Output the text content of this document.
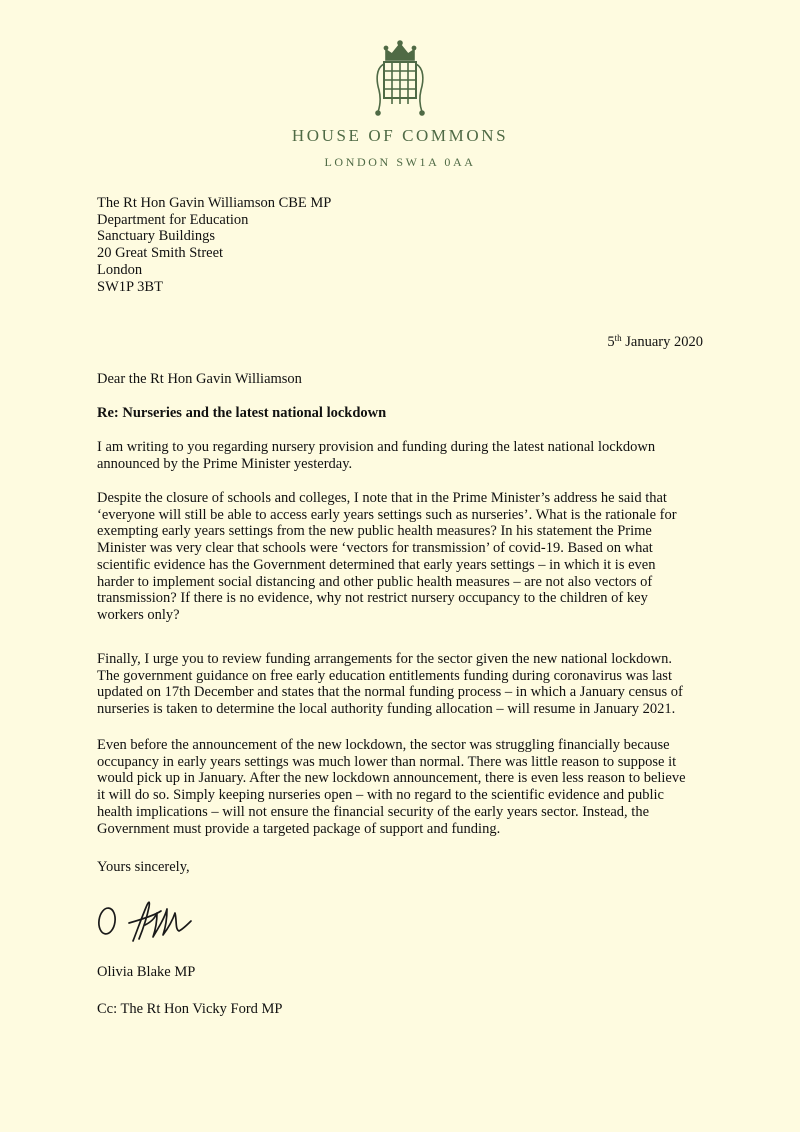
HOUSE OF COMMONS
LONDON SW1A 0AA
The Rt Hon Gavin Williamson CBE MP
Department for Education
Sanctuary Buildings
20 Great Smith Street
London
SW1P 3BT
5th January 2020
Dear the Rt Hon Gavin Williamson
Re: Nurseries and the latest national lockdown
I am writing to you regarding nursery provision and funding during the latest national lockdown
announced by the Prime Minister yesterday.
Despite the closure of schools and colleges, I note that in the Prime Minister’s address he said that
‘everyone will still be able to access early years settings such as nurseries’. What is the rationale for
exempting early years settings from the new public health measures? In his statement the Prime
Minister was very clear that schools were ‘vectors for transmission’ of covid-19. Based on what
scientific evidence has the Government determined that early years settings – in which it is even
harder to implement social distancing and other public health measures – are not also vectors of
transmission? If there is no evidence, why not restrict nursery occupancy to the children of key
workers only?
Finally, I urge you to review funding arrangements for the sector given the new national lockdown.
The government guidance on free early education entitlements funding during coronavirus was last
updated on 17th December and states that the normal funding process – in which a January census of
nurseries is taken to determine the local authority funding allocation – will resume in January 2021.
Even before the announcement of the new lockdown, the sector was struggling financially because
occupancy in early years settings was much lower than normal. There was little reason to suppose it
would pick up in January. After the new lockdown announcement, there is even less reason to believe
it will do so. Simply keeping nurseries open – with no regard to the scientific evidence and public
health implications – will not ensure the financial security of the early years sector. Instead, the
Government must provide a targeted package of support and funding.
Yours sincerely,
Olivia Blake MP
Cc: The Rt Hon Vicky Ford MP
